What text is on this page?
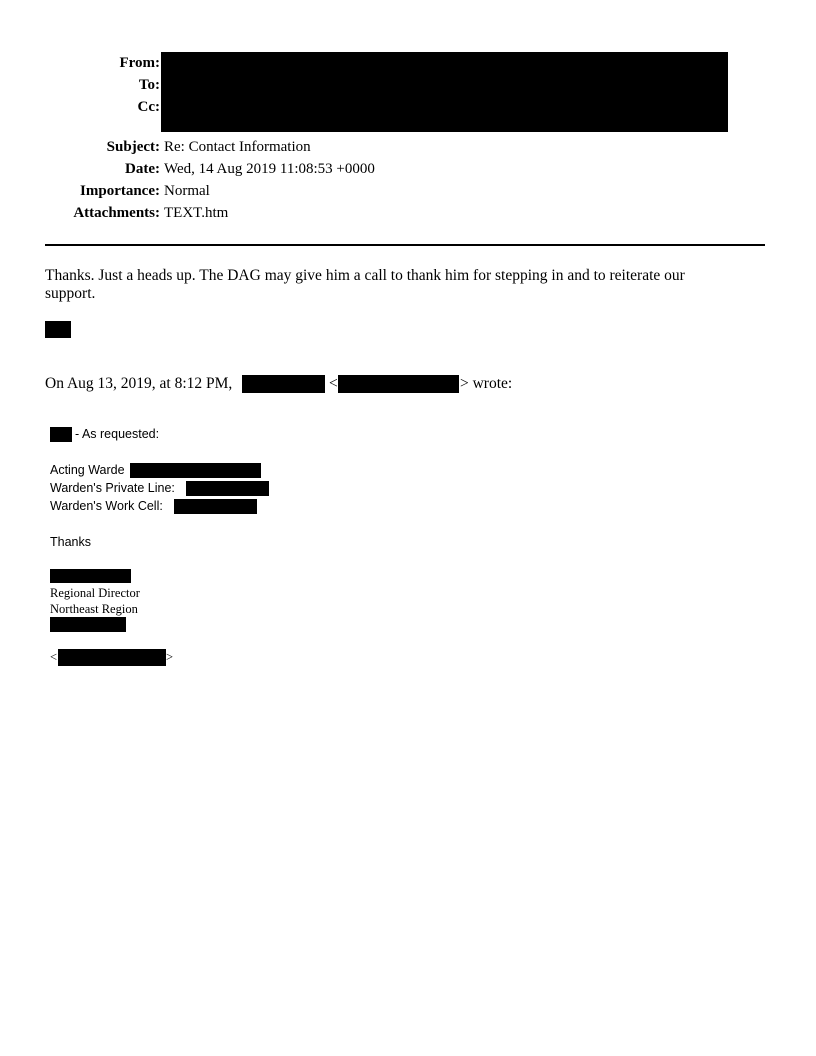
From:
To:
Cc:
Subject: Re: Contact Information
Date: Wed, 14 Aug 2019 11:08:53 +0000
Importance: Normal
Attachments: TEXT.htm
Thanks. Just a heads up. The DAG may give him a call to thank him for stepping in and to reiterate our support.
On Aug 13, 2019, at 8:12 PM,	<	> wrote:
- As requested:
Acting Warde
Warden's Private Line:
Warden's Work Cell:
Thanks
Regional Director
Northeast Region
<	>
